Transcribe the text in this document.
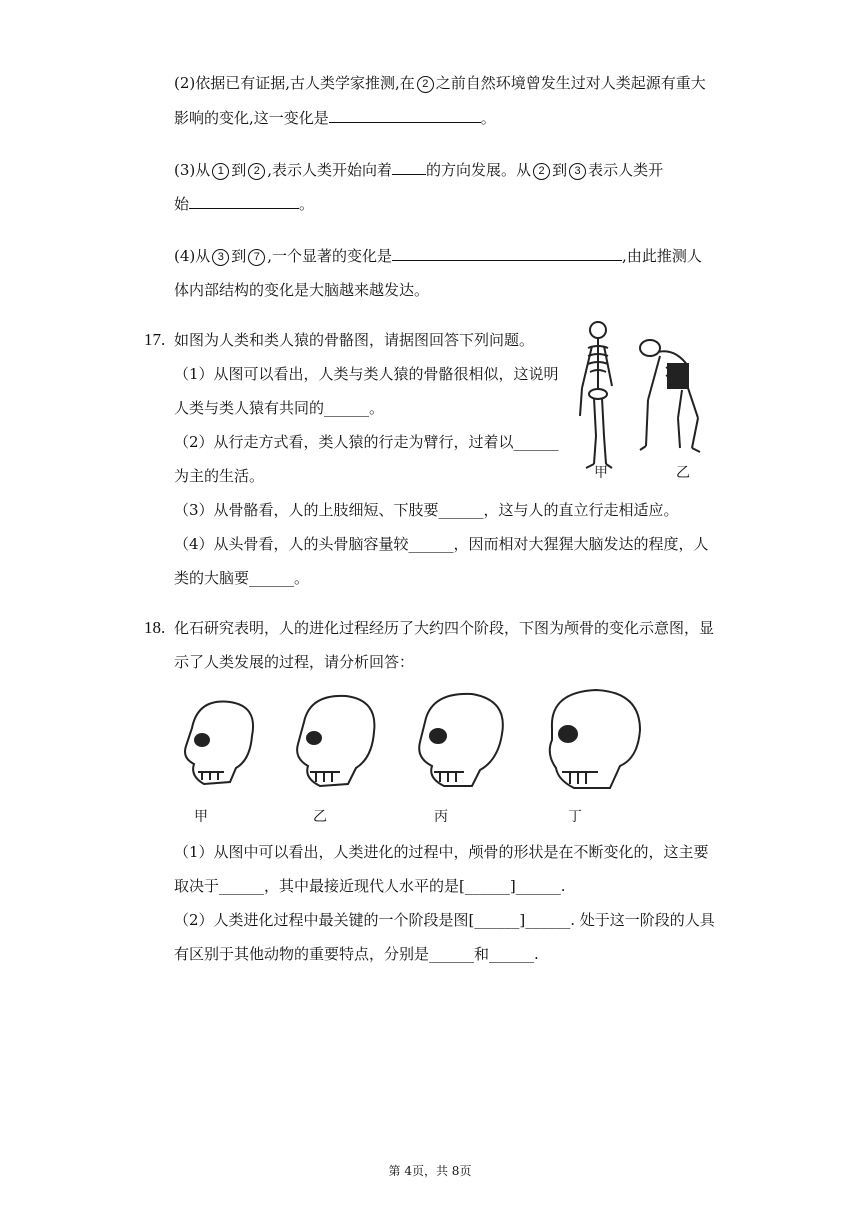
(2)依据已有证据,古人类学家推测,在 2 之前自然环境曾发生过对人类起源有重大
影响的变化,这一变化是	。
(3)从 1 到 2 ,表示人类开始向着 的方向发展。从 2 到 3 表示人类开
始	。
(4)从 3 到 7 ,一个显著的变化是	,由此推测人
体内部结构的变化是大脑越来越发达。
17. 如图为人类和类人猿的骨骼图，请据图回答下列问题。
（1）从图可以看出，人类与类人猿的骨骼很相似，这说明
人类与类人猿有共同的______。
（2）从行走方式看，类人猿的行走为臂行，过着以______
为主的生活。
（3）从骨骼看，人的上肢细短、下肢要______，这与人的直立行走相适应。
（4）从头骨看，人的头骨脑容量较______，因而相对大猩猩大脑发达的程度，人
类的大脑要______。
甲	乙
18. 化石研究表明，人的进化过程经历了大约四个阶段，下图为颅骨的变化示意图，显
示了人类发展的过程，请分析回答：
甲	乙	丙	丁
（1）从图中可以看出，人类进化的过程中，颅骨的形状是在不断变化的，这主要
取决于______，其中最接近现代人水平的是[______]______.
（2）人类进化过程中最关键的一个阶段是图[______]______. 处于这一阶段的人具
有区别于其他动物的重要特点，分别是______和______.
第 4页，共 8页
